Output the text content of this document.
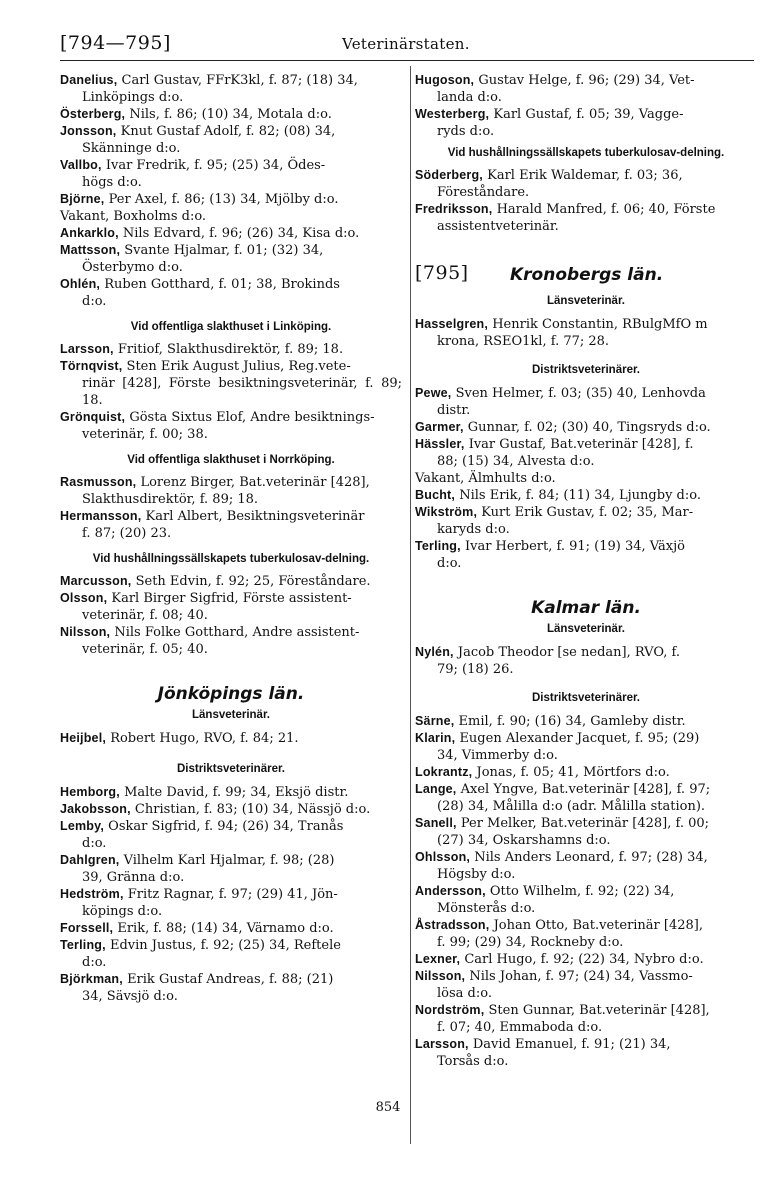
[794—795]	Veterinärstaten.

Danelius, Carl Gustav, FFrK3kl, f. 87; (18) 34,
Linköpings d:o.

Österberg, Nils, f. 86; (10) 34, Motala d:o.

Jonsson, Knut Gustaf Adolf, f. 82; (08) 34,
Skänninge d:o.

Vallbo, Ivar Fredrik, f. 95; (25) 34, Ödes-
högs d:o.

Björne, Per Axel, f. 86; (13) 34, Mjölby d:o.

Vakant, Boxholms d:o.

Ankarklo, Nils Edvard, f. 96; (26) 34, Kisa d:o.

Mattsson, Svante Hjalmar, f. 01; (32) 34,
Österbymo d:o.

Ohlén, Ruben Gotthard, f. 01; 38, Brokinds
d:o.

Vid offentliga slakthuset i Linköping.

Larsson, Fritiof, Slakthusdirektör, f. 89; 18.

Törnqvist, Sten Erik August Julius, Reg.vete-
rinär [428], Förste besiktningsveterinär, f. 89; 18.

Grönquist, Gösta Sixtus Elof, Andre besiktnings-
veterinär, f. 00; 38.

Vid offentliga slakthuset i Norrköping.

Rasmusson, Lorenz Birger, Bat.veterinär [428],
Slakthusdirektör, f. 89; 18.

Hermansson, Karl Albert, Besiktningsveterinär
f. 87; (20) 23.

Vid hushållningssällskapets tuberkulosav-delning.

Marcusson, Seth Edvin, f. 92; 25, Föreståndare.

Olsson, Karl Birger Sigfrid, Förste assistent-
veterinär, f. 08; 40.

Nilsson, Nils Folke Gotthard, Andre assistent-
veterinär, f. 05; 40.

Jönköpings län.
Länsveterinär.

Heijbel, Robert Hugo, RVO, f. 84; 21.

Distriktsveterinärer.

Hemborg, Malte David, f. 99; 34, Eksjö distr.

Jakobsson, Christian, f. 83; (10) 34, Nässjö d:o.

Lemby, Oskar Sigfrid, f. 94; (26) 34, Tranås
d:o.

Dahlgren, Vilhelm Karl Hjalmar, f. 98; (28)
39, Gränna d:o.

Hedström, Fritz Ragnar, f. 97; (29) 41, Jön-
köpings d:o.

Forssell, Erik, f. 88; (14) 34, Värnamo d:o.

Terling, Edvin Justus, f. 92; (25) 34, Reftele
d:o.

Björkman, Erik Gustaf Andreas, f. 88; (21)
34, Sävsjö d:o.

Hugoson, Gustav Helge, f. 96; (29) 34, Vet-
landa d:o.

Westerberg, Karl Gustaf, f. 05; 39, Vagge-
ryds d:o.

Vid hushållningssällskapets tuberkulosav-delning.

Söderberg, Karl Erik Waldemar, f. 03; 36,
Föreståndare.

Fredriksson, Harald Manfred, f. 06; 40, Förste
assistentveterinär.

[795] Kronobergs län.
Länsveterinär.

Hasselgren, Henrik Constantin, RBulgMfO m
krona, RSEO1kl, f. 77; 28.

Distriktsveterinärer.

Pewe, Sven Helmer, f. 03; (35) 40, Lenhovda
distr.

Garmer, Gunnar, f. 02; (30) 40, Tingsryds d:o.

Hässler, Ivar Gustaf, Bat.veterinär [428], f.
88; (15) 34, Alvesta d:o.

Vakant, Älmhults d:o.

Bucht, Nils Erik, f. 84; (11) 34, Ljungby d:o.

Wikström, Kurt Erik Gustav, f. 02; 35, Mar-
karyds d:o.

Terling, Ivar Herbert, f. 91; (19) 34, Växjö
d:o.

Kalmar län.
Länsveterinär.

Nylén, Jacob Theodor [se nedan], RVO, f.
79; (18) 26.

Distriktsveterinärer.

Särne, Emil, f. 90; (16) 34, Gamleby distr.

Klarin, Eugen Alexander Jacquet, f. 95; (29)
34, Vimmerby d:o.

Lokrantz, Jonas, f. 05; 41, Mörtfors d:o.

Lange, Axel Yngve, Bat.veterinär [428], f. 97;
(28) 34, Målilla d:o (adr. Målilla station).

Sanell, Per Melker, Bat.veterinär [428], f. 00;
(27) 34, Oskarshamns d:o.

Ohlsson, Nils Anders Leonard, f. 97; (28) 34,
Högsby d:o.

Andersson, Otto Wilhelm, f. 92; (22) 34,
Mönsterås d:o.

Åstradsson, Johan Otto, Bat.veterinär [428],
f. 99; (29) 34, Rockneby d:o.

Lexner, Carl Hugo, f. 92; (22) 34, Nybro d:o.

Nilsson, Nils Johan, f. 97; (24) 34, Vassmo-
lösa d:o.

Nordström, Sten Gunnar, Bat.veterinär [428],
f. 07; 40, Emmaboda d:o.

Larsson, David Emanuel, f. 91; (21) 34,
Torsås d:o.

854
